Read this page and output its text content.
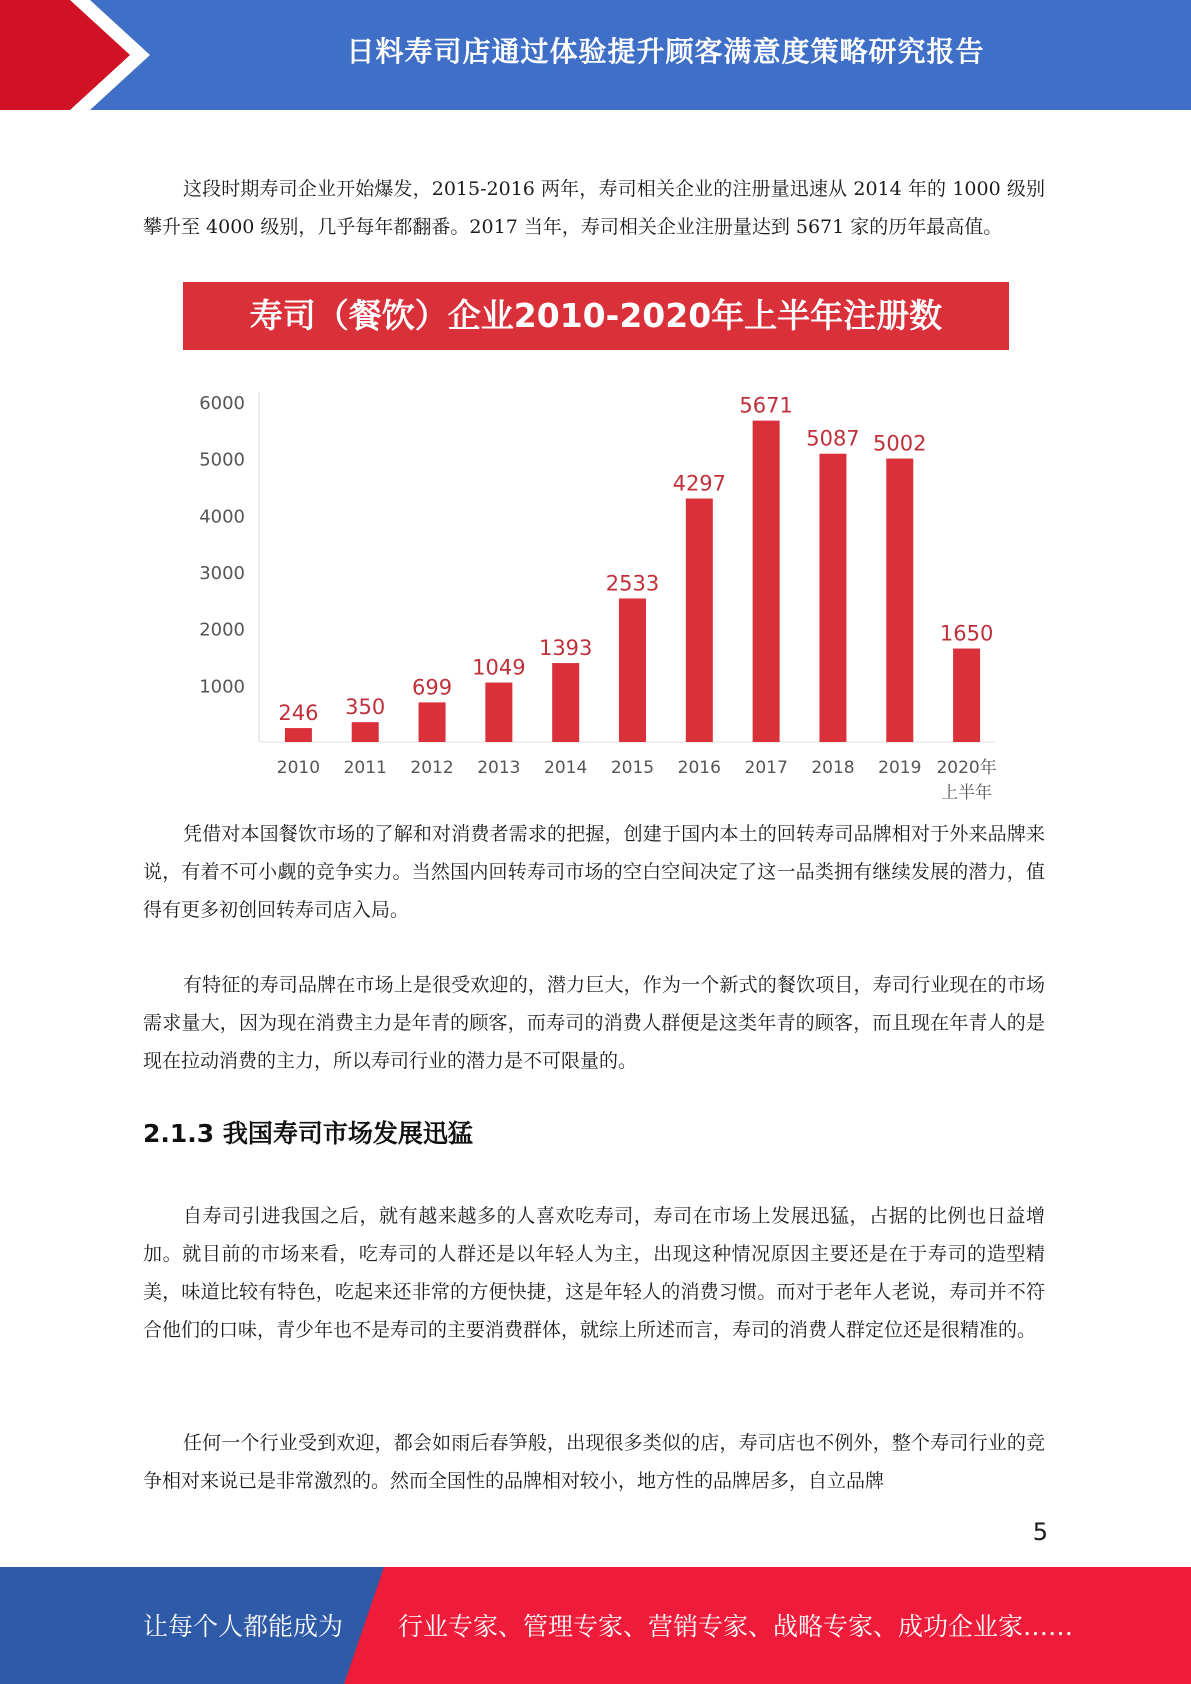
日料寿司店通过体验提升顾客满意度策略研究报告
这段时期寿司企业开始爆发，2015-2016 两年，寿司相关企业的注册量迅速从 2014 年的 1000 级别攀升至 4000 级别，几乎每年都翻番。2017 当年，寿司相关企业注册量达到 5671 家的历年最高值。
寿司（餐饮）企业2010-2020年上半年注册数
1000
2000
3000
4000
5000
6000
246
2010
350
2011
699
2012
1049
2013
1393
2014
2533
2015
4297
2016
5671
2017
5087
2018
5002
2019
1650
2020年
上半年
凭借对本国餐饮市场的了解和对消费者需求的把握，创建于国内本土的回转寿司品牌相对于外来品牌来说，有着不可小觑的竞争实力。当然国内回转寿司市场的空白空间决定了这一品类拥有继续发展的潜力，值得有更多初创回转寿司店入局。
有特征的寿司品牌在市场上是很受欢迎的，潜力巨大，作为一个新式的餐饮项目，寿司行业现在的市场需求量大，因为现在消费主力是年青的顾客，而寿司的消费人群便是这类年青的顾客，而且现在年青人的是现在拉动消费的主力，所以寿司行业的潜力是不可限量的。
2.1.3 我国寿司市场发展迅猛
自寿司引进我国之后，就有越来越多的人喜欢吃寿司，寿司在市场上发展迅猛，占据的比例也日益增加。就目前的市场来看，吃寿司的人群还是以年轻人为主，出现这种情况原因主要还是在于寿司的造型精美，味道比较有特色，吃起来还非常的方便快捷，这是年轻人的消费习惯。而对于老年人老说，寿司并不符合他们的口味，青少年也不是寿司的主要消费群体，就综上所述而言，寿司的消费人群定位还是很精准的。
任何一个行业受到欢迎，都会如雨后春笋般，出现很多类似的店，寿司店也不例外，整个寿司行业的竞争相对来说已是非常激烈的。然而全国性的品牌相对较小，地方性的品牌居多，自立品牌
5
让每个人都能成为 行业专家、管理专家、营销专家、战略专家、成功企业家……
